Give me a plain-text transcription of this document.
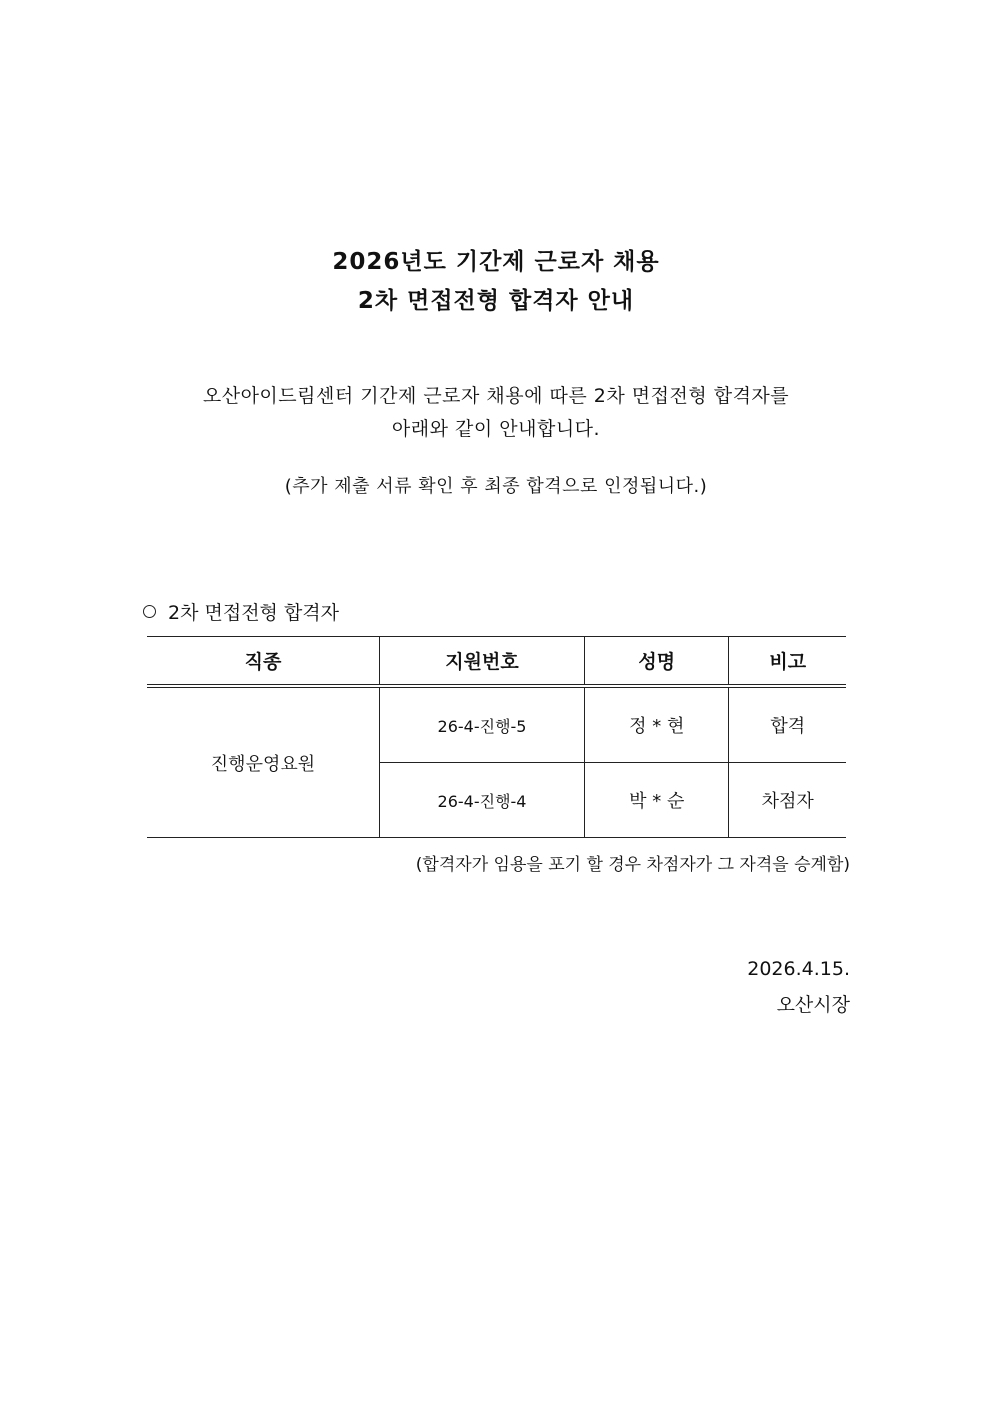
2026년도 기간제 근로자 채용
2차 면접전형 합격자 안내
오산아이드림센터 기간제 근로자 채용에 따른 2차 면접전형 합격자를
아래와 같이 안내합니다.
(추가 제출 서류 확인 후 최종 합격으로 인정됩니다.)
2차 면접전형 합격자
직종	지원번호	성명	비고
진행운영요원	26-4-진행-5	정 * 현	합격
	26-4-진행-4	박 * 순	차점자
(합격자가 임용을 포기 할 경우 차점자가 그 자격을 승계함)
2026.4.15.
오산시장
